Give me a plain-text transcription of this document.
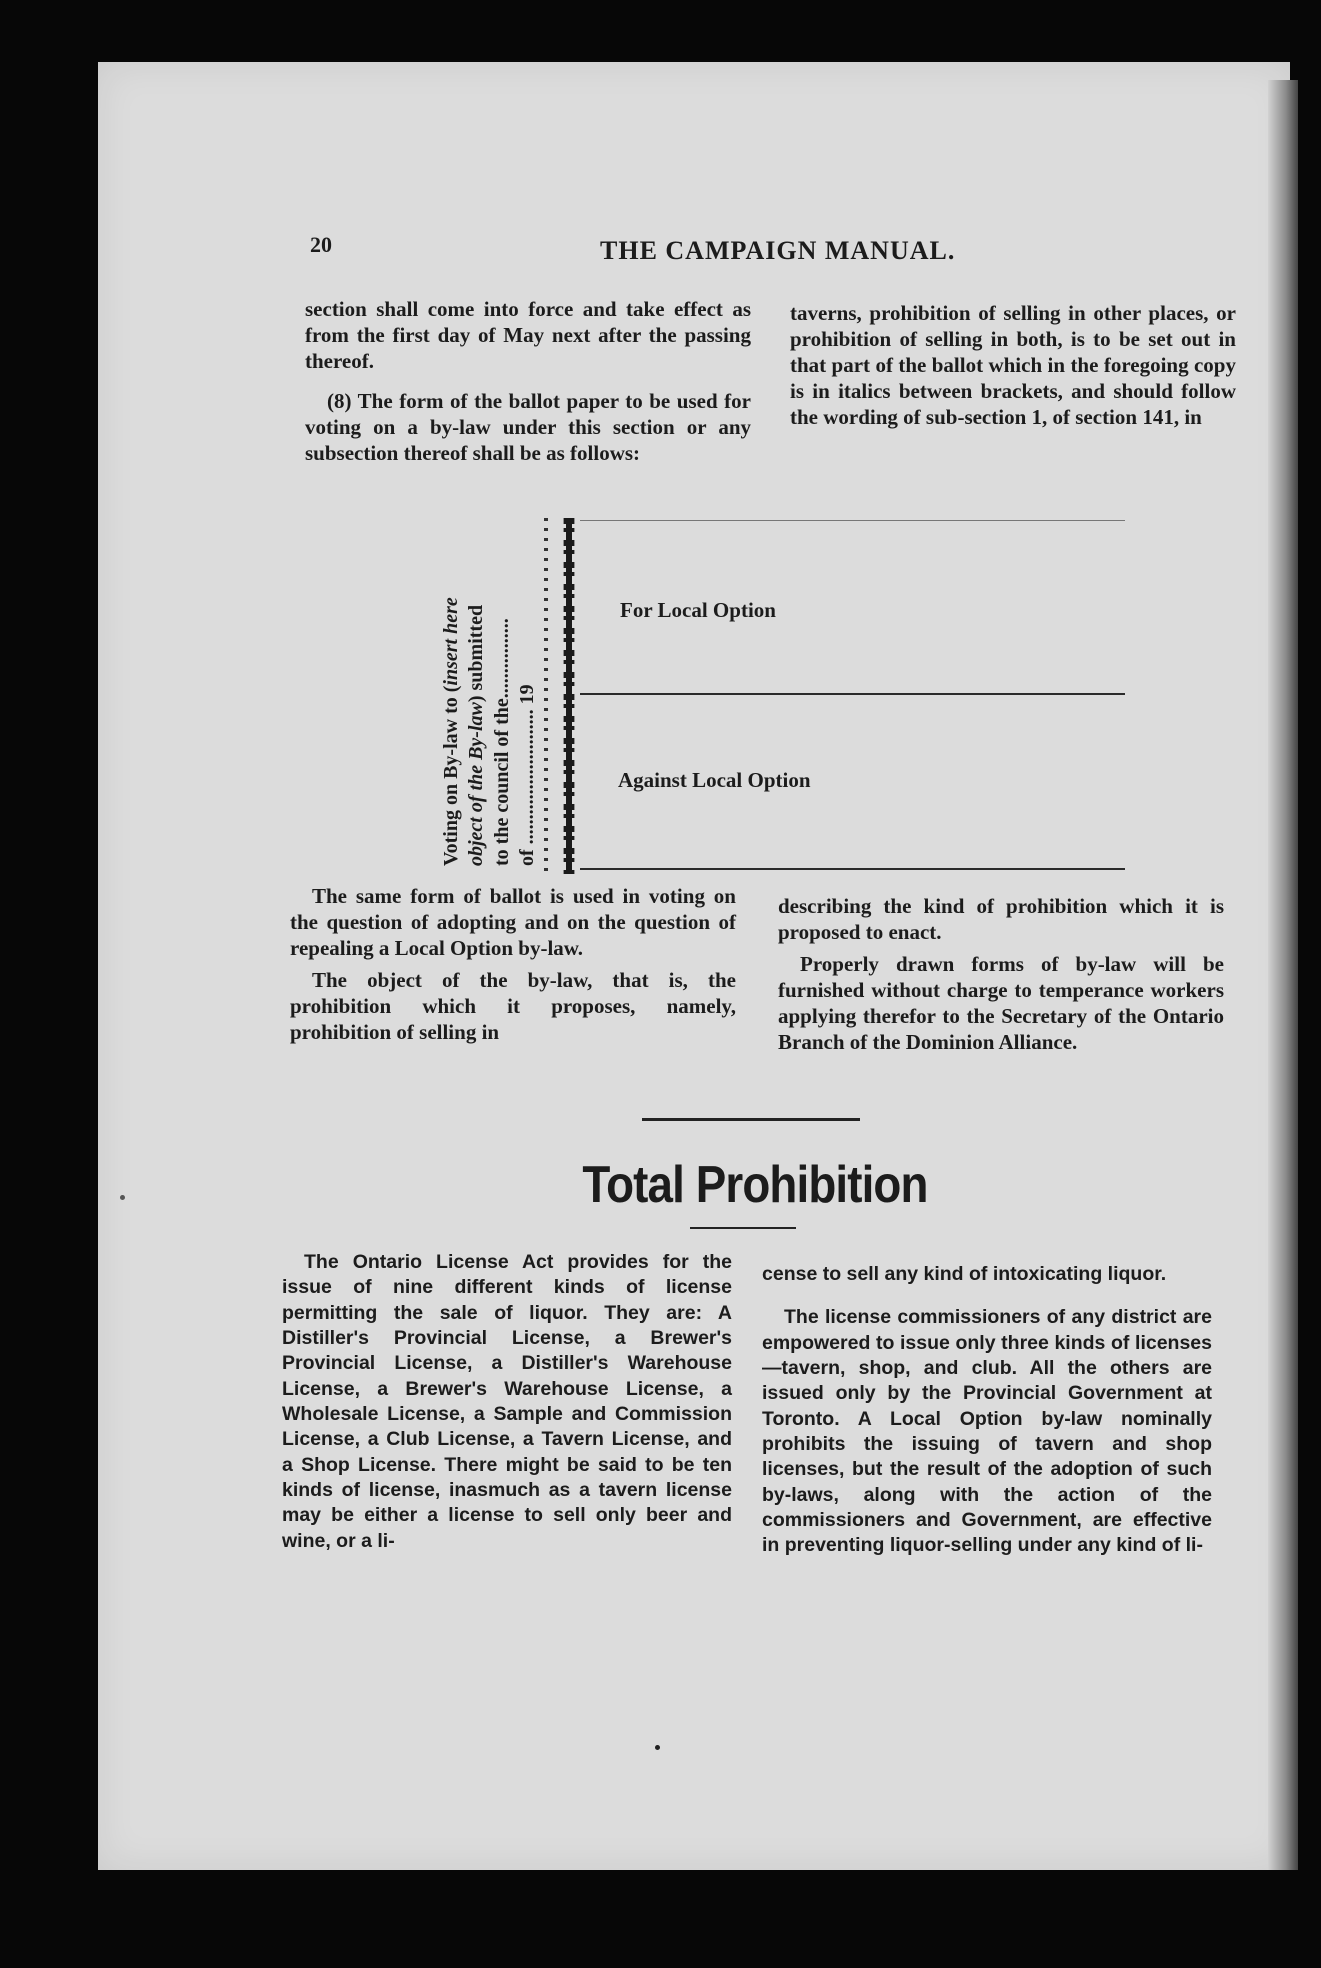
20	THE CAMPAIGN MANUAL.

section shall come into force and take effect as from the first day of May next after the passing thereof.

(8) The form of the ballot paper to be used for voting on a by-law under this section or any subsection thereof shall be as follows:

taverns, prohibition of selling in other places, or prohibition of selling in both, is to be set out in that part of the ballot which in the foregoing copy is in italics between brackets, and should follow the wording of sub-section 1, of section 141, in

Voting on By-law to (insert here
object of the By-law) submitted to the council of the................ of ........................... 19
For Local Option
Against Local Option

The same form of ballot is used in voting on the question of adopting and on the question of repealing a Local Option by-law.

The object of the by-law, that is, the prohibition which it proposes, namely, prohibition of selling in

describing the kind of prohibition which it is proposed to enact.

Properly drawn forms of by-law will be furnished without charge to temperance workers applying therefor to the Secretary of the Ontario Branch of the Dominion Alliance.

Total Prohibition

The Ontario License Act provides for the issue of nine different kinds of license permitting the sale of liquor. They are: A Distiller's Provincial License, a Brewer's Provincial License, a Distiller's Warehouse License, a Brewer's Warehouse License, a Wholesale License, a Sample and Commission License, a Club License, a Tavern License, and a Shop License. There might be said to be ten kinds of license, inasmuch as a tavern license may be either a license to sell only beer and wine, or a li-

cense to sell any kind of intoxicating liquor.

The license commissioners of any district are empowered to issue only three kinds of licenses—tavern, shop, and club. All the others are issued only by the Provincial Government at Toronto. A Local Option by-law nominally prohibits the issuing of tavern and shop licenses, but the result of the adoption of such by-laws, along with the action of the commissioners and Government, are effective in preventing liquor-selling under any kind of li-
